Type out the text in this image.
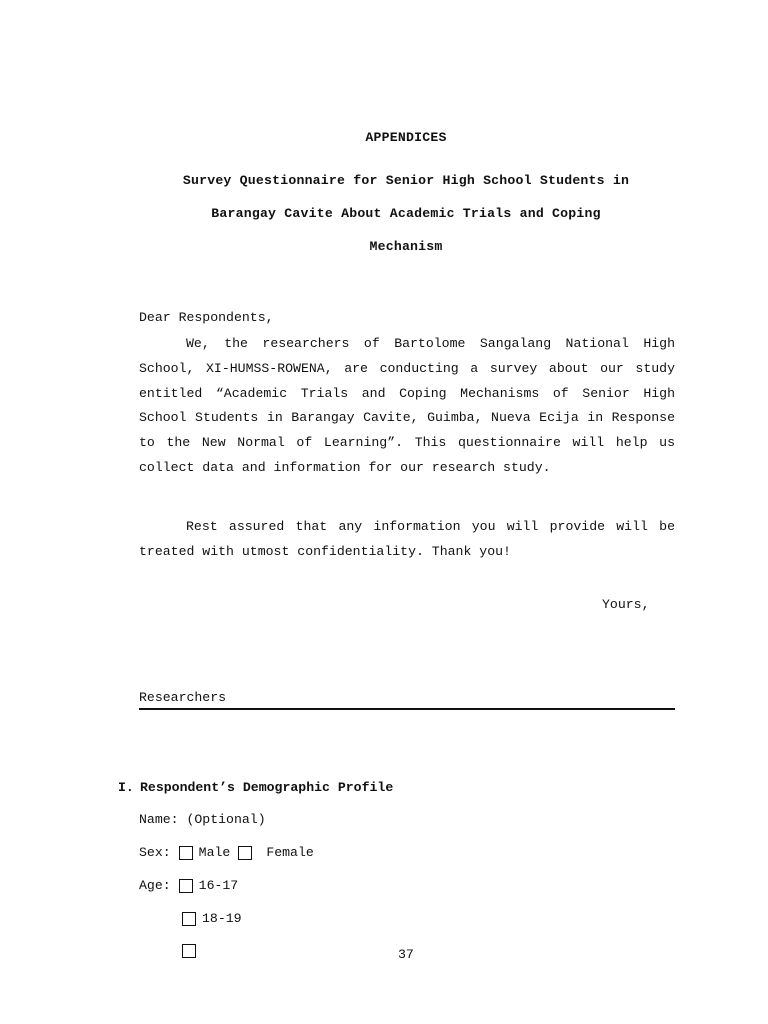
APPENDICES
Survey Questionnaire for Senior High School Students in
Barangay Cavite About Academic Trials and Coping
Mechanism
Dear Respondents,

We, the researchers of Bartolome Sangalang National High School, XI-HUMSS-ROWENA, are conducting a survey about our study entitled “Academic Trials and Coping Mechanisms of Senior High School Students in Barangay Cavite, Guimba, Nueva Ecija in Response to the New Normal of Learning”. This questionnaire will help us collect data and information for our research study.

Rest assured that any information you will provide will be treated with utmost confidentiality. Thank you!

Yours,
Researchers
I. Respondent’s Demographic Profile
Name: (Optional)
Sex: Male	Female
Age: 16-17
18-19
37
